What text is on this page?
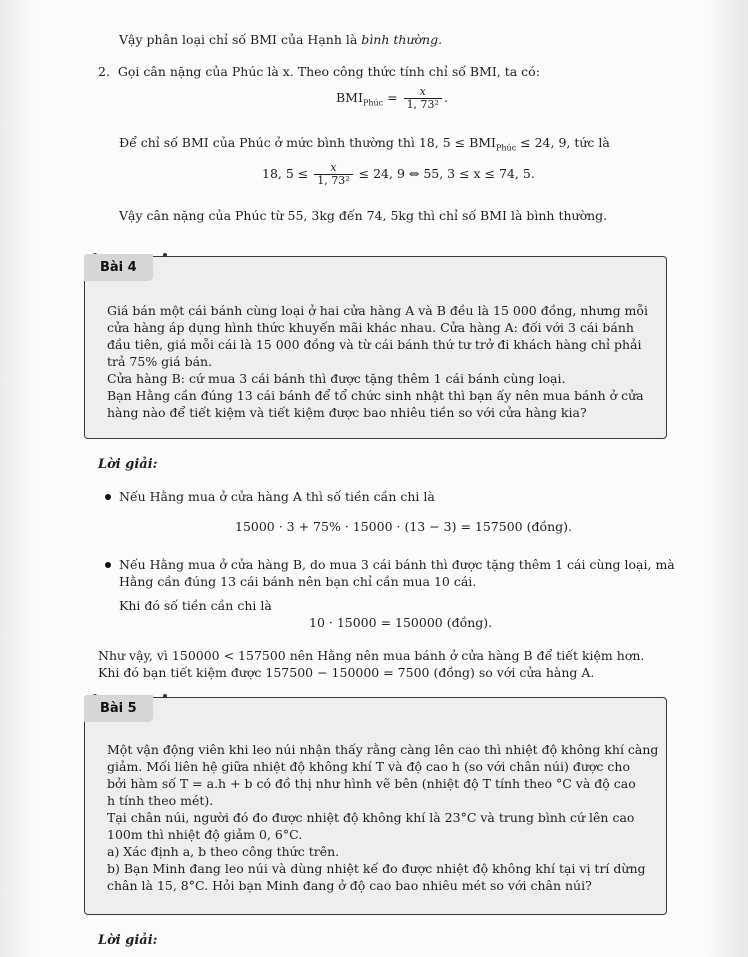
Vậy phân loại chỉ số BMI của Hạnh là bình thường.
2. Gọi cân nặng của Phúc là x. Theo công thức tính chỉ số BMI, ta có:
$BMI_{Phúc} = \frac{x}{\text{1, 73²}}$ .
Để chỉ số BMI của Phúc ở mức bình thường thì 18, $5 \le BMI_{Phúc} \le 24$, 9, tức là
18, $5 \le \frac{x}{\text{1, 73²}} \le 24$, 9 ⇔ 55, 3 ≤ x ≤ 74, 5.
Vậy cân nặng của Phúc từ 55, 3kg đến 74, 5kg thì chỉ số BMI là bình thường.
Bài 4
Giá bán một cái bánh cùng loại ở hai cửa hàng A và B đều là 15 000 đồng, nhưng mỗi
cửa hàng áp dụng hình thức khuyến mãi khác nhau. Cửa hàng A: đối với 3 cái bánh
đầu tiên, giá mỗi cái là 15 000 đồng và từ cái bánh thứ tư trở đi khách hàng chỉ phải
trả 75% giá bán.
Cửa hàng B: cứ mua 3 cái bánh thì được tặng thêm 1 cái bánh cùng loại.
Bạn Hằng cần đúng 13 cái bánh để tổ chức sinh nhật thì bạn ấy nên mua bánh ở cửa
hàng nào để tiết kiệm và tiết kiệm được bao nhiêu tiền so với cửa hàng kia?
Lời giải:
Nếu Hằng mua ở cửa hàng A thì số tiền cần chi là
15000 · 3 + 75% · 15000 · (13 − 3) = 157500 (đồng).
Nếu Hằng mua ở cửa hàng B, do mua 3 cái bánh thì được tặng thêm 1 cái cùng loại, mà
Hằng cần đúng 13 cái bánh nên bạn chỉ cần mua 10 cái.
Khi đó số tiền cần chi là
10 · 15000 = 150000 (đồng).
Như vậy, vì 150000 < 157500 nên Hằng nên mua bánh ở cửa hàng B để tiết kiệm hơn.
Khi đó bạn tiết kiệm được 157500 − 150000 = 7500 (đồng) so với cửa hàng A.
Bài 5
Một vận động viên khi leo núi nhận thấy rằng càng lên cao thì nhiệt độ không khí càng
giảm. Mối liên hệ giữa nhiệt độ không khí T và độ cao h (so với chân núi) được cho
bởi hàm số T = a.h + b có đồ thị như hình vẽ bên (nhiệt độ T tính theo °C và độ cao
h tính theo mét).
Tại chân núi, người đó đo được nhiệt độ không khí là 23°C và trung bình cứ lên cao
100m thì nhiệt độ giảm 0, 6°C.
a) Xác định a, b theo công thức trên.
b) Bạn Minh đang leo núi và dùng nhiệt kế đo được nhiệt độ không khí tại vị trí dừng
chân là 15, 8°C. Hỏi bạn Minh đang ở độ cao bao nhiêu mét so với chân núi?
Lời giải:
